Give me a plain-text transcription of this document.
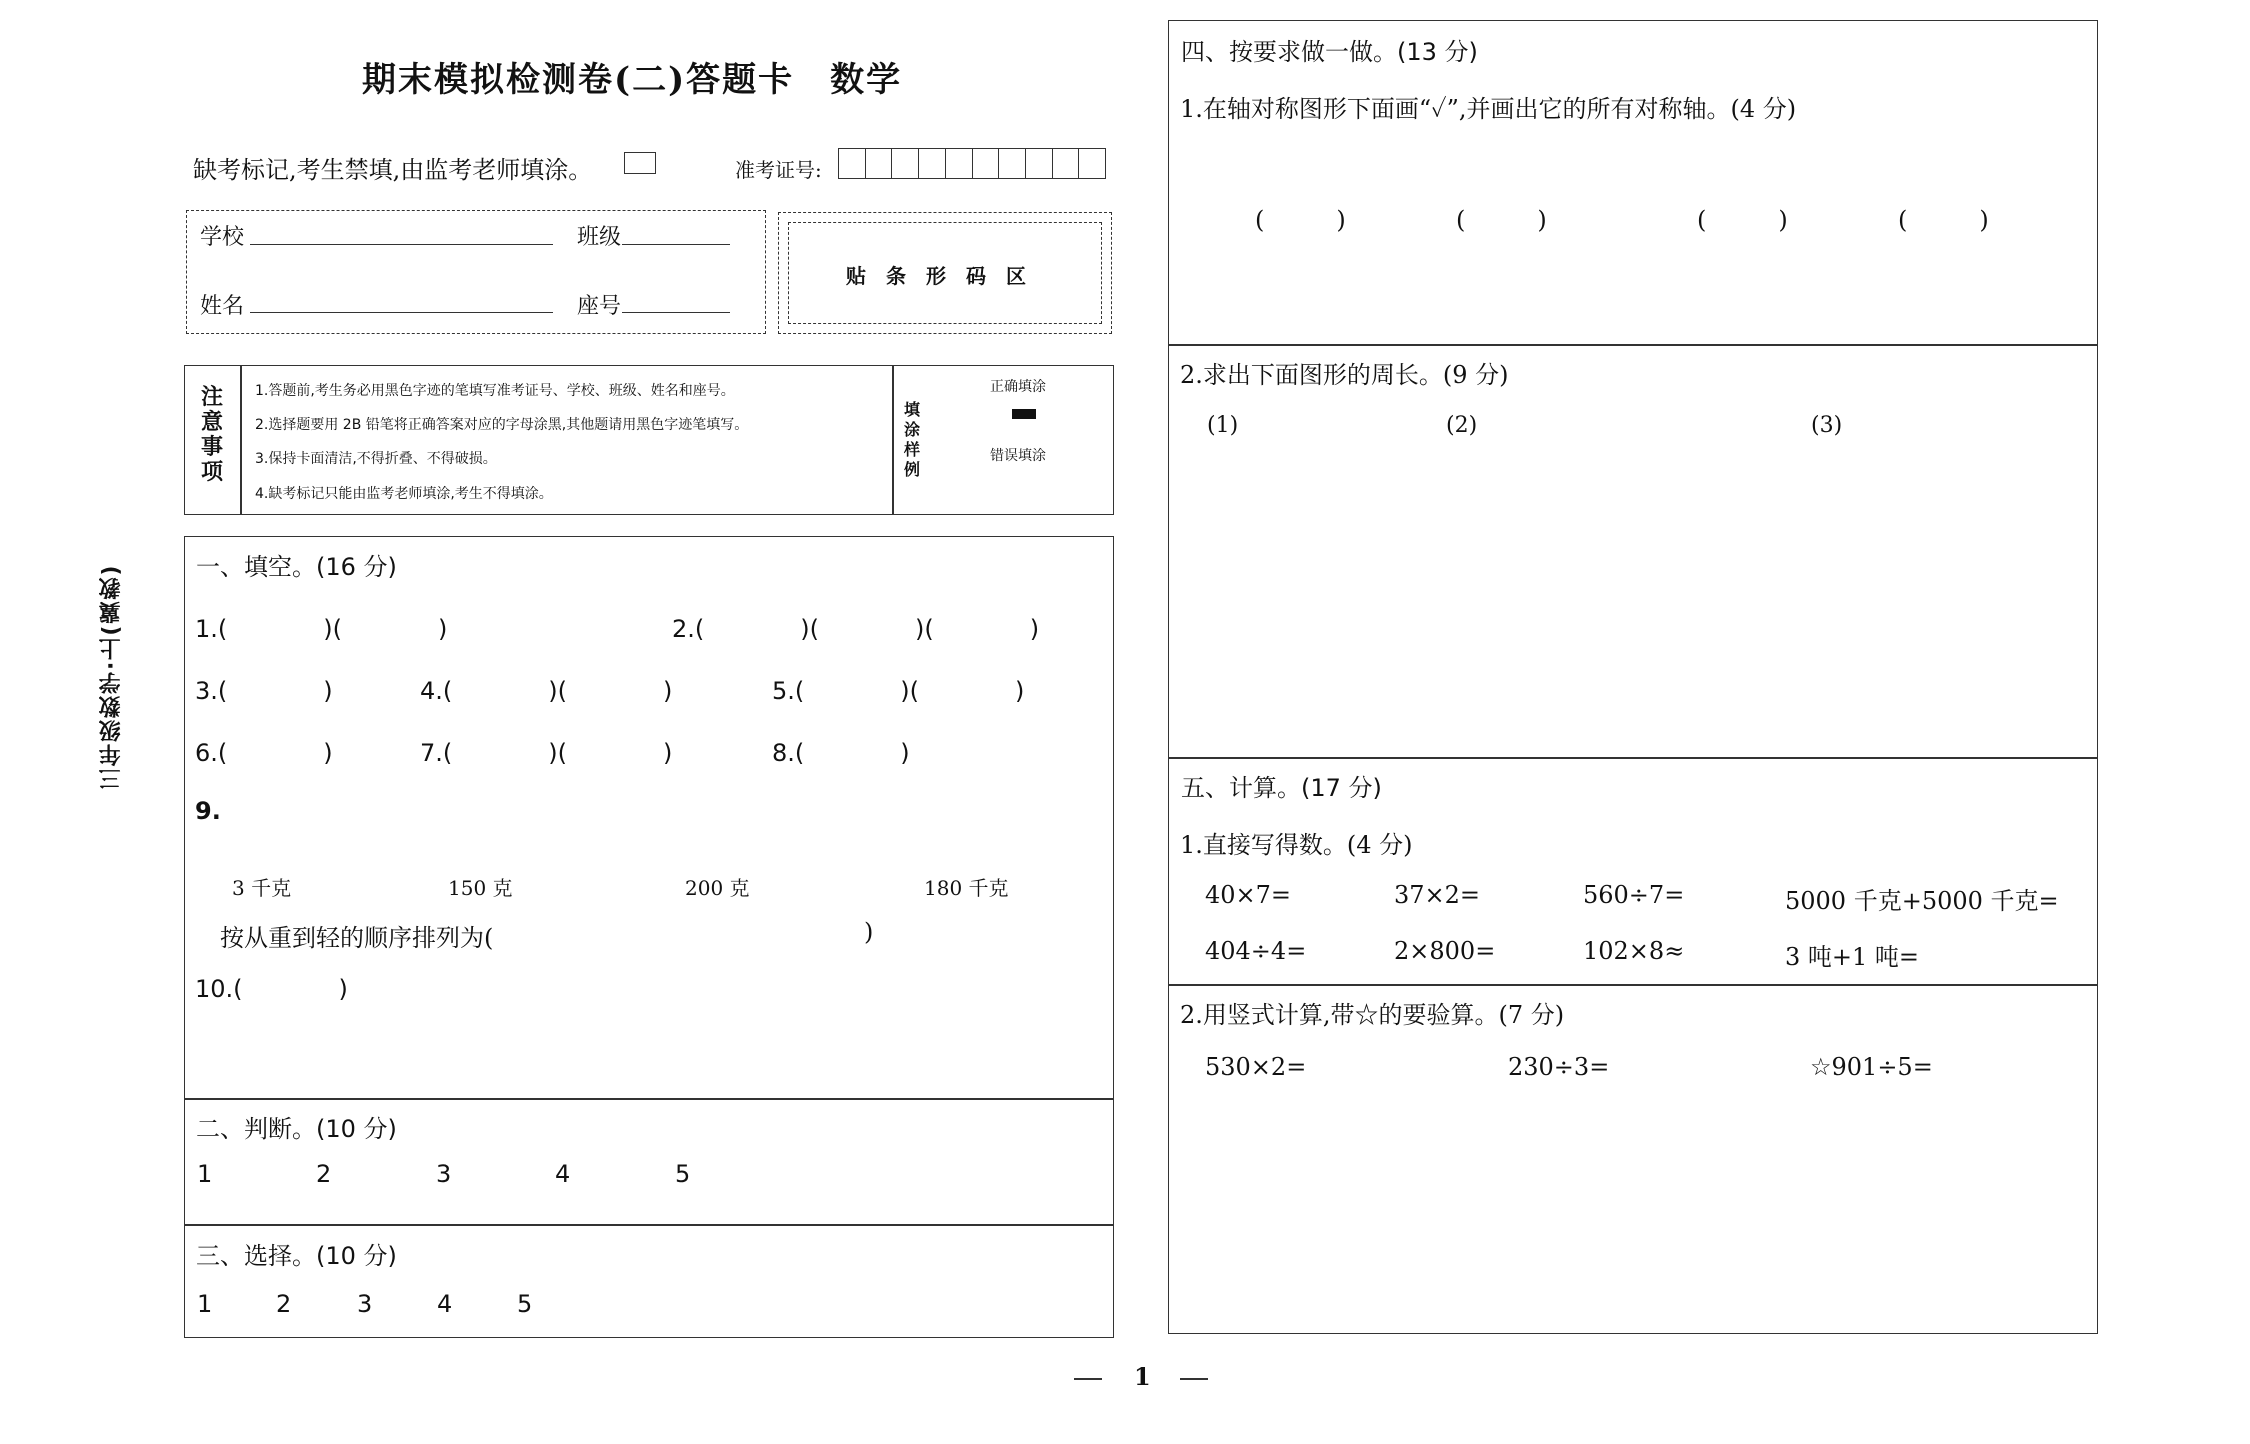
期末模拟检测卷(二)答题卡　数学
缺考标记,考生禁填,由监考老师填涂。	准考证号:
学校	班级
姓名	座号
贴　条　形　码　区
注意事项
1.答题前,考生务必用黑色字迹的笔填写准考证号、学校、班级、姓名和座号。
2.选择题要用 2B 铅笔将正确答案对应的字母涂黑,其他题请用黑色字迹笔填写。
3.保持卡面清洁,不得折叠、不得破损。
4.缺考标记只能由监考老师填涂,考生不得填涂。
填涂样例
正确填涂
错误填涂
三年级数学·上(冀教)	一、填空。(16 分)
1.(　　　　)(　　　　)	2.(　　　　)(　　　　)(　　　　)
3.(　　　　)	4.(　　　　)(　　　　)	5.(　　　　)(　　　　)
6.(　　　　)	7.(　　　　)(　　　　)	8.(　　　　)
9.
3 千克	150 克	200 克	180 千克
按从重到轻的顺序排列为(	)
10.(　　　　)
二、判断。(10 分)
1	2	3	4	5
三、选择。(10 分)
1	2	3	4	5
四、按要求做一做。(13 分)
1.在轴对称图形下面画“✓”,并画出它的所有对称轴。(4 分)
(　　　)	(　　　)	(　　　)	(　　　)
2.求出下面图形的周长。(9 分)
(1)	(2)	(3)
五、计算。(17 分)
1.直接写得数。(4 分)
40×7=	37×2=	560÷7=	5000 千克+5000 千克=
404÷4=	2×800=	102×8≈	3 吨+1 吨=
2.用竖式计算,带☆的要验算。(7 分)
530×2=	230÷3=	☆901÷5=
1
